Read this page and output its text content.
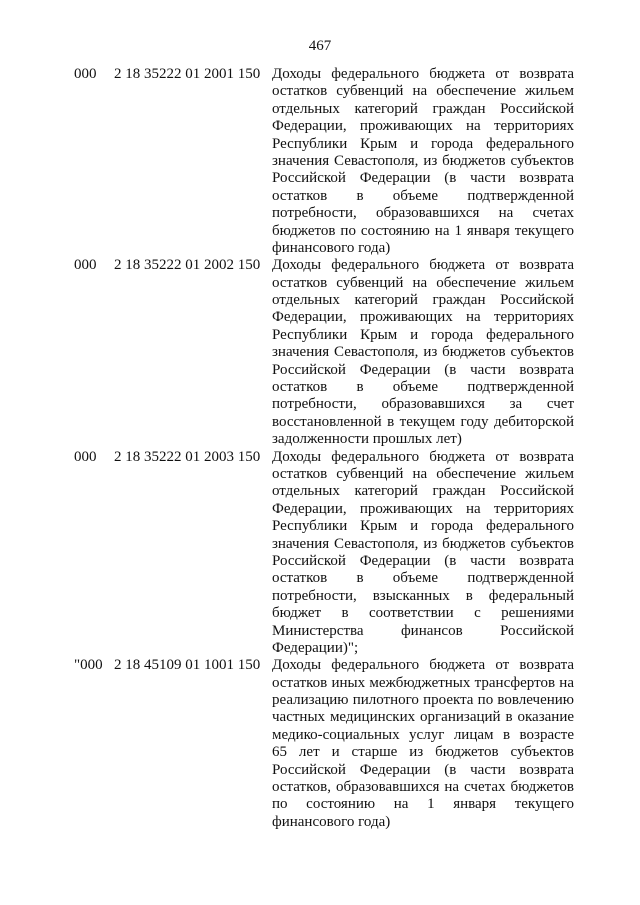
467
000	2 18 35222 01 2001 150 Доходы федерального бюджета от возврата
остатков субвенций на обеспечение жильем
отдельных категорий граждан Российской
Федерации, проживающих на территориях
Республики Крым и города федерального
значения Севастополя, из бюджетов субъектов
Российской Федерации (в части возврата
остатков в объеме подтвержденной
потребности, образовавшихся на счетах
бюджетов по состоянию на 1 января текущего
финансового года)
000	2 18 35222 01 2002 150 Доходы федерального бюджета от возврата
остатков субвенций на обеспечение жильем
отдельных категорий граждан Российской
Федерации, проживающих на территориях
Республики Крым и города федерального
значения Севастополя, из бюджетов субъектов
Российской Федерации (в части возврата
остатков в объеме подтвержденной
потребности, образовавшихся за счет
восстановленной в текущем году дебиторской
задолженности прошлых лет)
000	2 18 35222 01 2003 150 Доходы федерального бюджета от возврата
остатков субвенций на обеспечение жильем
отдельных категорий граждан Российской
Федерации, проживающих на территориях
Республики Крым и города федерального
значения Севастополя, из бюджетов субъектов
Российской Федерации (в части возврата
остатков в объеме подтвержденной
потребности, взысканных в федеральный
бюджет в соответствии с решениями
Министерства финансов Российской
Федерации)";
"000 2 18 45109 01 1001 150 Доходы федерального бюджета от возврата
остатков иных межбюджетных трансфертов на
реализацию пилотного проекта по вовлечению
частных медицинских организаций в оказание
медико-социальных услуг лицам в возрасте
65 лет и старше из бюджетов субъектов
Российской Федерации (в части возврата
остатков, образовавшихся на счетах бюджетов
по состоянию на 1 января текущего
финансового года)
